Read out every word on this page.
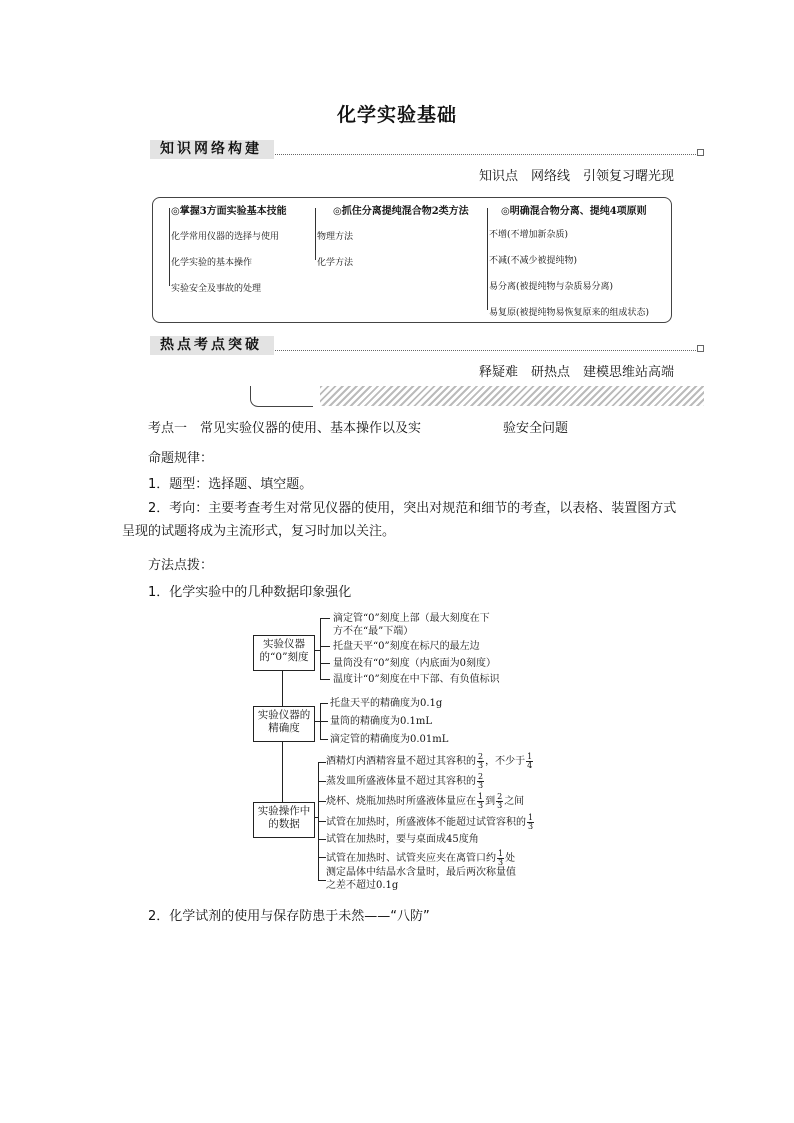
化学实验基础
知识网络构建
知识点　网络线　引领复习曙光现
◎掌握3方面实验基本技能
化学常用仪器的选择与使用
化学实验的基本操作
实验安全及事故的处理
◎抓住分离提纯混合物2类方法
物理方法
化学方法
◎明确混合物分离、提纯4项原则
不增(不增加新杂质)
不减(不减少被提纯物)
易分离(被提纯物与杂质易分离)
易复原(被提纯物易恢复原来的组成状态)
热点考点突破
释疑难　研热点　建模思维站高端
考点一　常见实验仪器的使用、基本操作以及实	验安全问题
命题规律：
1．题型：选择题、填空题。
2．考向：主要考查考生对常见仪器的使用，突出对规范和细节的考查，以表格、装置图方式呈现的试题将成为主流形式，复习时加以关注。
方法点拨：
1．化学实验中的几种数据印象强化
实验仪器的“0”刻度
实验仪器的精确度
实验操作中的数据
滴定管“0”刻度上部（最大刻度在下
方不在“最”下端）
托盘天平“0”刻度在标尺的最左边
量筒没有“0”刻度（内底面为0刻度）
温度计“0”刻度在中下部、有负值标识
托盘天平的精确度为0.1g
量筒的精确度为0.1mL
滴定管的精确度为0.01mL
酒精灯内酒精容量不超过其容积的 $\frac{2}{3}$ ，不少于 $\frac{1}{4}$
蒸发皿所盛液体量不超过其容积的 $\frac{2}{3}$
烧杯、烧瓶加热时所盛液体量应在 $\frac{1}{3}$ 到 $\frac{2}{3}$ 之间
试管在加热时，所盛液体不能超过试管容积的 $\frac{1}{3}$
试管在加热时，要与桌面成45度角
试管在加热时、试管夹应夹在离管口约 $\frac{1}{3}$ 处
测定晶体中结晶水含量时，最后两次称量值
之差不超过0.1g
2．化学试剂的使用与保存防患于未然——“八防”
